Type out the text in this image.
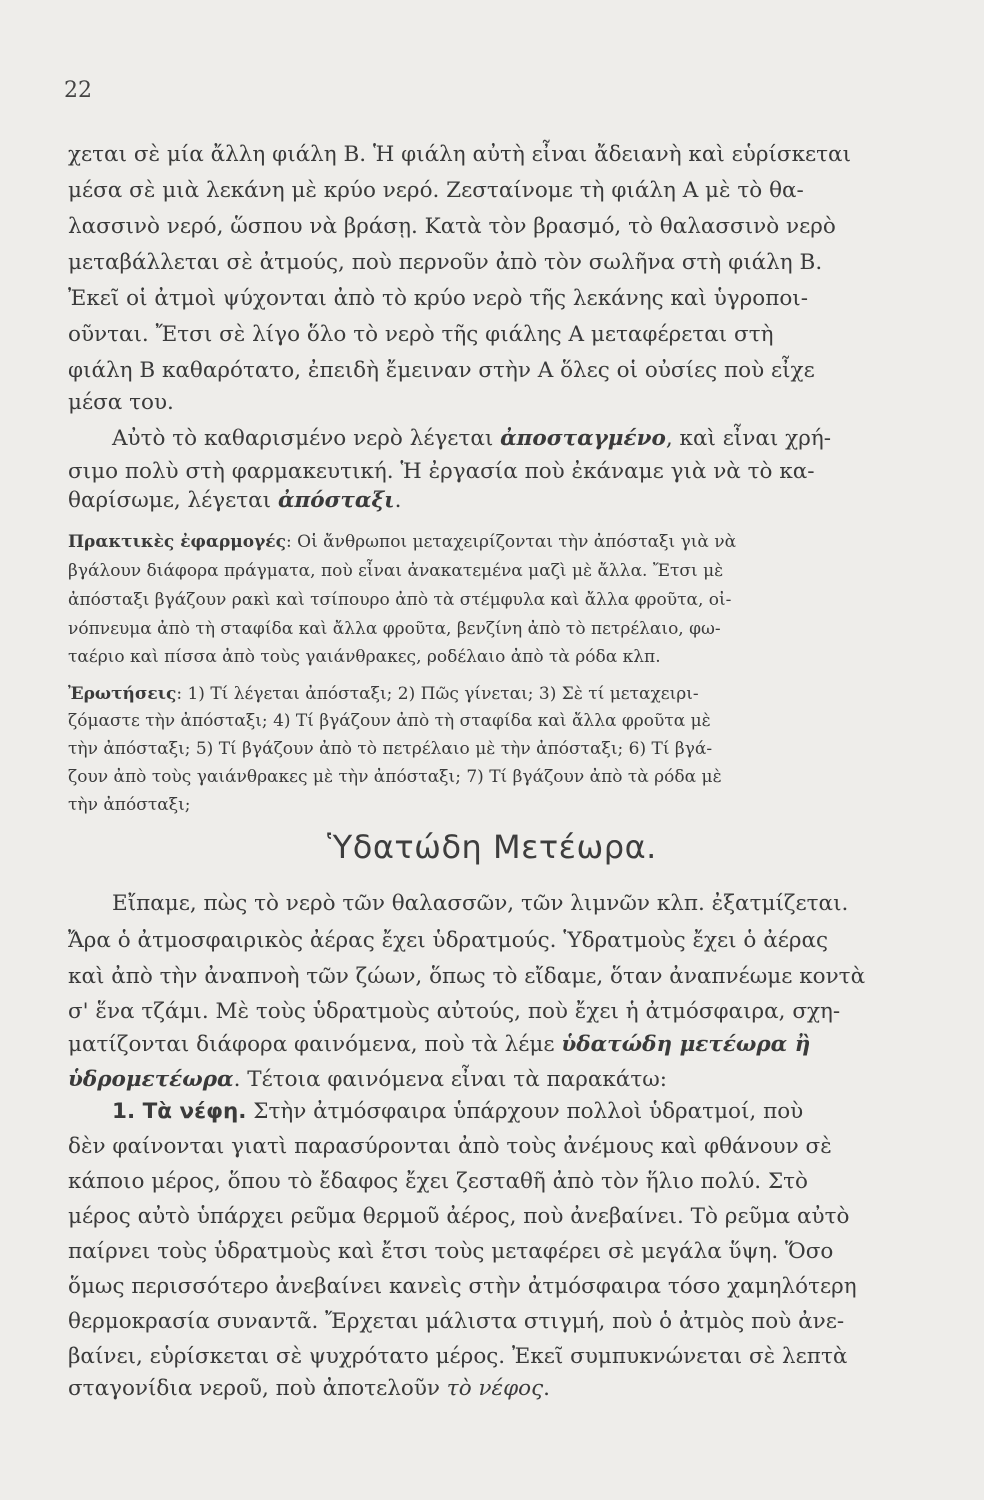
22
χεται σὲ μία ἄλλη φιάλη Β. Ἡ φιάλη αὐτὴ εἶναι ἄδειανὴ καὶ εὑρίσκεται
μέσα σὲ μιὰ λεκάνη μὲ κρύο νερό. Ζεσταίνομε τὴ φιάλη Α μὲ τὸ θα-
λασσινὸ νερό, ὥσπου νὰ βράσῃ. Κατὰ τὸν βρασμό, τὸ θαλασσινὸ νερὸ
μεταβάλλεται σὲ ἀτμούς, ποὺ περνοῦν ἀπὸ τὸν σωλῆνα στὴ φιάλη Β.
Ἐκεῖ οἱ ἀτμοὶ ψύχονται ἀπὸ τὸ κρύο νερὸ τῆς λεκάνης καὶ ὑγροποι-
οῦνται. Ἔτσι σὲ λίγο ὅλο τὸ νερὸ τῆς φιάλης Α μεταφέρεται στὴ
φιάλη Β καθαρότατο, ἐπειδὴ ἔμειναν στὴν Α ὅλες οἱ οὐσίες ποὺ εἶχε
μέσα του.
Αὐτὸ τὸ καθαρισμένο νερὸ λέγεται ἀποσταγμένο, καὶ εἶναι χρή-
σιμο πολὺ στὴ φαρμακευτική. Ἡ ἐργασία ποὺ ἐκάναμε γιὰ νὰ τὸ κα-
θαρίσωμε, λέγεται ἀπόσταξι.
Πρακτικὲς ἐφαρμογές: Οἱ ἄνθρωποι μεταχειρίζονται τὴν ἀπόσταξι γιὰ νὰ
βγάλουν διάφορα πράγματα, ποὺ εἶναι ἀνακατεμένα μαζὶ μὲ ἄλλα. Ἔτσι μὲ
ἀπόσταξι βγάζουν ρακὶ καὶ τσίπουρο ἀπὸ τὰ στέμφυλα καὶ ἄλλα φροῦτα, οἰ-
νόπνευμα ἀπὸ τὴ σταφίδα καὶ ἄλλα φροῦτα, βενζίνη ἀπὸ τὸ πετρέλαιο, φω-
ταέριο καὶ πίσσα ἀπὸ τοὺς γαιάνθρακες, ροδέλαιο ἀπὸ τὰ ρόδα κλπ.
Ἐρωτήσεις: 1) Τί λέγεται ἀπόσταξι; 2) Πῶς γίνεται; 3) Σὲ τί μεταχειρι-
ζόμαστε τὴν ἀπόσταξι; 4) Τί βγάζουν ἀπὸ τὴ σταφίδα καὶ ἄλλα φροῦτα μὲ
τὴν ἀπόσταξι; 5) Τί βγάζουν ἀπὸ τὸ πετρέλαιο μὲ τὴν ἀπόσταξι; 6) Τί βγά-
ζουν ἀπὸ τοὺς γαιάνθρακες μὲ τὴν ἀπόσταξι; 7) Τί βγάζουν ἀπὸ τὰ ρόδα μὲ
τὴν ἀπόσταξι;
Ὑδατώδη Μετέωρα.
Εἴπαμε, πὼς τὸ νερὸ τῶν θαλασσῶν, τῶν λιμνῶν κλπ. ἐξατμίζεται.
Ἄρα ὁ ἀτμοσφαιρικὸς ἀέρας ἔχει ὑδρατμούς. Ὑδρατμοὺς ἔχει ὁ ἀέρας
καὶ ἀπὸ τὴν ἀναπνοὴ τῶν ζώων, ὅπως τὸ εἴδαμε, ὅταν ἀναπνέωμε κοντὰ
σ' ἕνα τζάμι. Μὲ τοὺς ὑδρατμοὺς αὐτούς, ποὺ ἔχει ἡ ἀτμόσφαιρα, σχη-
ματίζονται διάφορα φαινόμενα, ποὺ τὰ λέμε ὑδατώδη μετέωρα ἢ
ὑδρομετέωρα. Τέτοια φαινόμενα εἶναι τὰ παρακάτω:
1. Τὰ νέφη. Στὴν ἀτμόσφαιρα ὑπάρχουν πολλοὶ ὑδρατμοί, ποὺ
δὲν φαίνονται γιατὶ παρασύρονται ἀπὸ τοὺς ἀνέμους καὶ φθάνουν σὲ
κάποιο μέρος, ὅπου τὸ ἔδαφος ἔχει ζεσταθῆ ἀπὸ τὸν ἥλιο πολύ. Στὸ
μέρος αὐτὸ ὑπάρχει ρεῦμα θερμοῦ ἀέρος, ποὺ ἀνεβαίνει. Τὸ ρεῦμα αὐτὸ
παίρνει τοὺς ὑδρατμοὺς καὶ ἔτσι τοὺς μεταφέρει σὲ μεγάλα ὕψη. Ὅσο
ὅμως περισσότερο ἀνεβαίνει κανεὶς στὴν ἀτμόσφαιρα τόσο χαμηλότερη
θερμοκρασία συναντᾶ. Ἔρχεται μάλιστα στιγμή, ποὺ ὁ ἀτμὸς ποὺ ἀνε-
βαίνει, εὑρίσκεται σὲ ψυχρότατο μέρος. Ἐκεῖ συμπυκνώνεται σὲ λεπτὰ
σταγονίδια νεροῦ, ποὺ ἀποτελοῦν τὸ νέφος.
